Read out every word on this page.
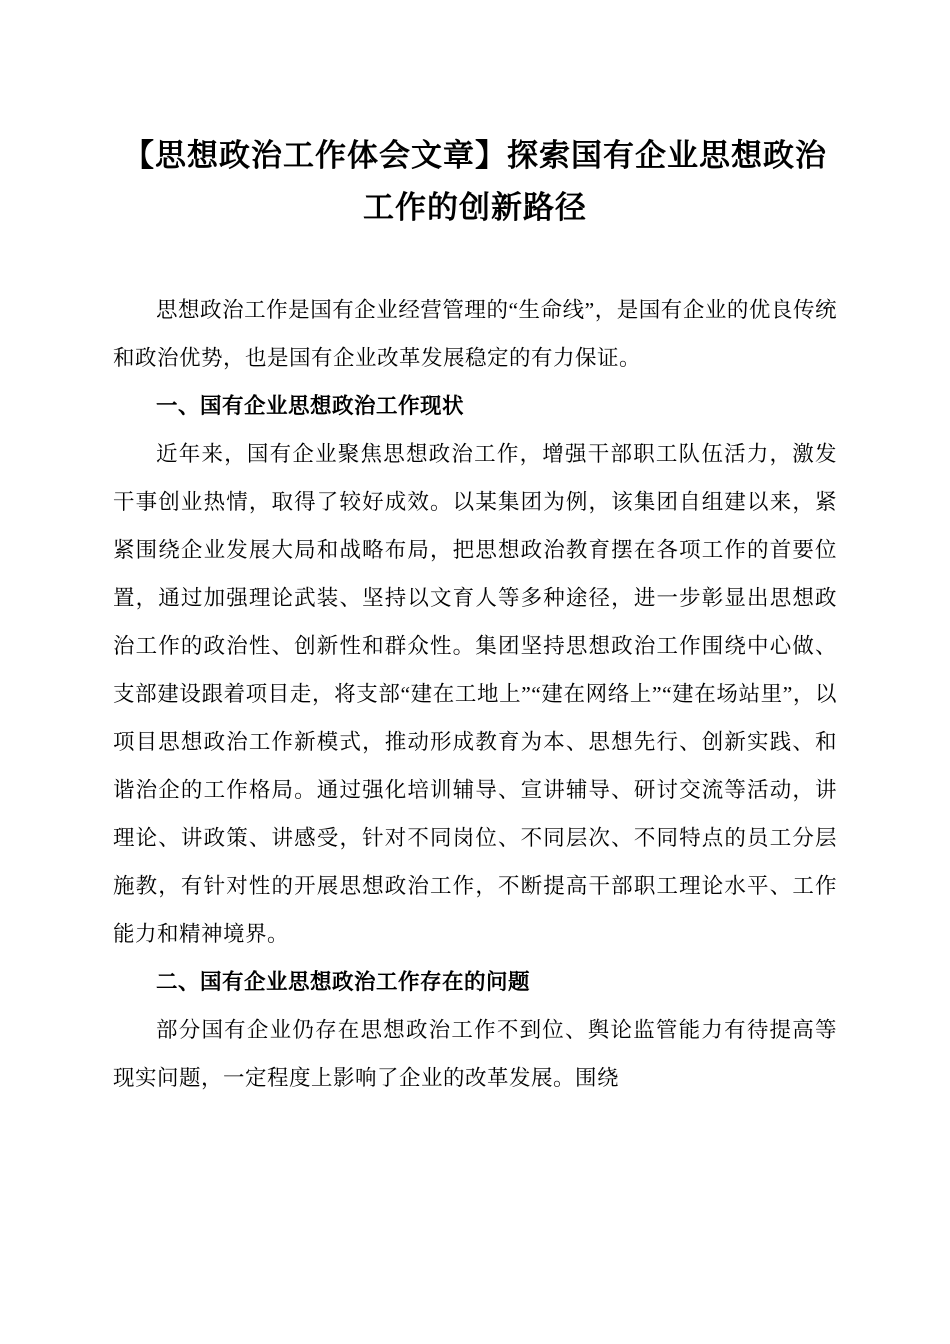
【思想政治工作体会文章】探索国有企业思想政治工作的创新路径

思想政治工作是国有企业经营管理的“生命线”，是国有企业的优良传统和政治优势，也是国有企业改革发展稳定的有力保证。

一、国有企业思想政治工作现状

近年来，国有企业聚焦思想政治工作，增强干部职工队伍活力，激发干事创业热情，取得了较好成效。以某集团为例，该集团自组建以来，紧紧围绕企业发展大局和战略布局，把思想政治教育摆在各项工作的首要位置，通过加强理论武装、坚持以文育人等多种途径，进一步彰显出思想政治工作的政治性、创新性和群众性。集团坚持思想政治工作围绕中心做、支部建设跟着项目走，将支部“建在工地上”“建在网络上”“建在场站里”，以项目思想政治工作新模式，推动形成教育为本、思想先行、创新实践、和谐治企的工作格局。通过强化培训辅导、宣讲辅导、研讨交流等活动，讲理论、讲政策、讲感受，针对不同岗位、不同层次、不同特点的员工分层施教，有针对性的开展思想政治工作，不断提高干部职工理论水平、工作能力和精神境界。

二、国有企业思想政治工作存在的问题

部分国有企业仍存在思想政治工作不到位、舆论监管能力有待提高等现实问题，一定程度上影响了企业的改革发展。围绕
